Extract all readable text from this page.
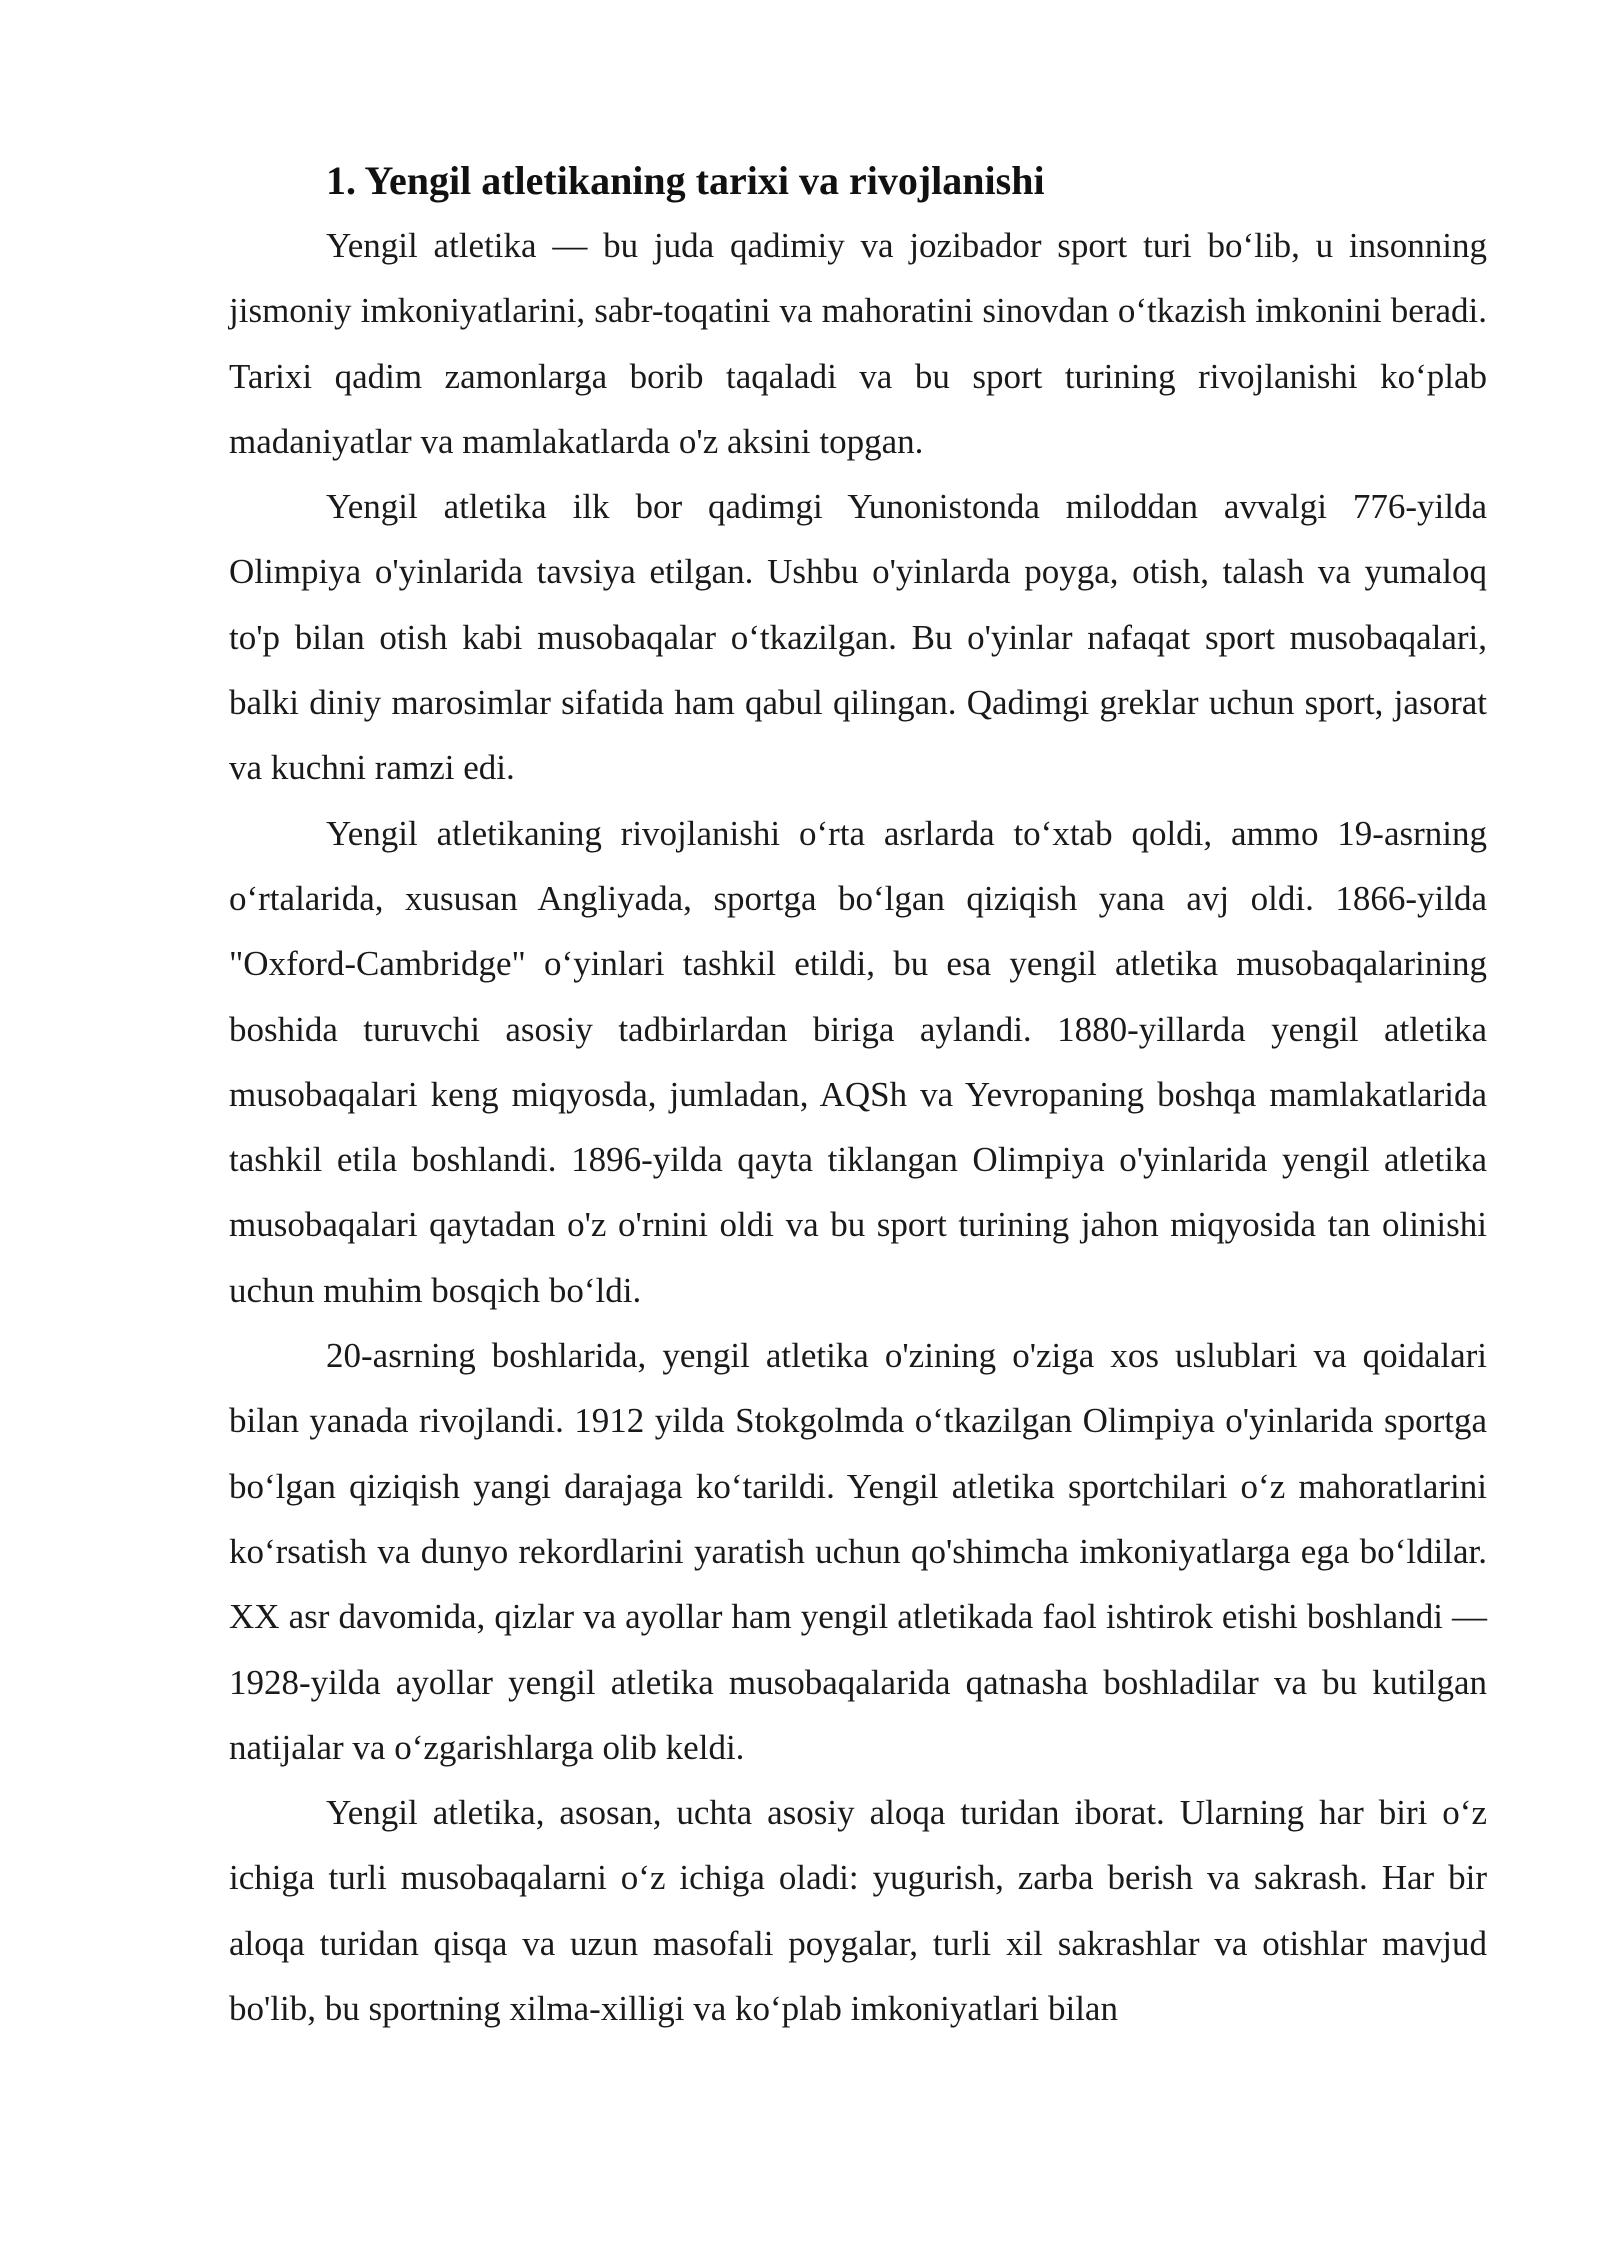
1. Yengil atletikaning tarixi va rivojlanishi

Yengil atletika — bu juda qadimiy va jozibador sport turi bo‘lib, u insonning jismoniy imkoniyatlarini, sabr-toqatini va mahoratini sinovdan o‘tkazish imkonini beradi. Tarixi qadim zamonlarga borib taqaladi va bu sport turining rivojlanishi ko‘plab madaniyatlar va mamlakatlarda o'z aksini topgan.

Yengil atletika ilk bor qadimgi Yunonistonda miloddan avvalgi 776-yilda Olimpiya o'yinlarida tavsiya etilgan. Ushbu o'yinlarda poyga, otish, talash va yumaloq to'p bilan otish kabi musobaqalar o‘tkazilgan. Bu o'yinlar nafaqat sport musobaqalari, balki diniy marosimlar sifatida ham qabul qilingan. Qadimgi greklar uchun sport, jasorat va kuchni ramzi edi.

Yengil atletikaning rivojlanishi o‘rta asrlarda to‘xtab qoldi, ammo 19-asrning o‘rtalarida, xususan Angliyada, sportga bo‘lgan qiziqish yana avj oldi. 1866-yilda "Oxford-Cambridge" o‘yinlari tashkil etildi, bu esa yengil atletika musobaqalarining boshida turuvchi asosiy tadbirlardan biriga aylandi. 1880-yillarda yengil atletika musobaqalari keng miqyosda, jumladan, AQSh va Yevropaning boshqa mamlakatlarida tashkil etila boshlandi. 1896-yilda qayta tiklangan Olimpiya o'yinlarida yengil atletika musobaqalari qaytadan o'z o'rnini oldi va bu sport turining jahon miqyosida tan olinishi uchun muhim bosqich bo‘ldi.

20-asrning boshlarida, yengil atletika o'zining o'ziga xos uslublari va qoidalari bilan yanada rivojlandi. 1912 yilda Stokgolmda o‘tkazilgan Olimpiya o'yinlarida sportga bo‘lgan qiziqish yangi darajaga ko‘tarildi. Yengil atletika sportchilari o‘z mahoratlarini ko‘rsatish va dunyo rekordlarini yaratish uchun qo'shimcha imkoniyatlarga ega bo‘ldilar. XX asr davomida, qizlar va ayollar ham yengil atletikada faol ishtirok etishi boshlandi — 1928-yilda ayollar yengil atletika musobaqalarida qatnasha boshladilar va bu kutilgan natijalar va o‘zgarishlarga olib keldi.

Yengil atletika, asosan, uchta asosiy aloqa turidan iborat. Ularning har biri o‘z ichiga turli musobaqalarni o‘z ichiga oladi: yugurish, zarba berish va sakrash. Har bir aloqa turidan qisqa va uzun masofali poygalar, turli xil sakrashlar va otishlar mavjud bo'lib, bu sportning xilma-xilligi va ko‘plab imkoniyatlari bilan
